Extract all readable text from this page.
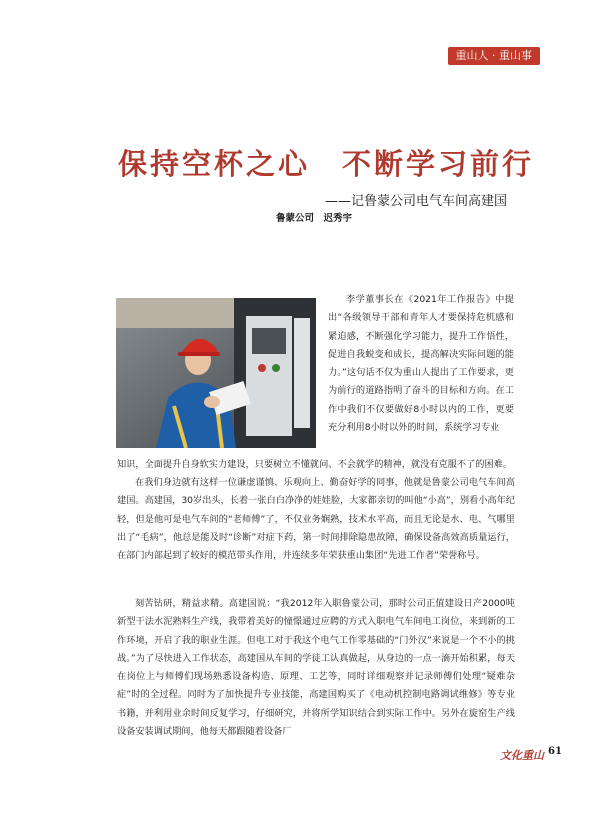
重山人 · 重山事
保持空杯之心　不断学习前行
——记鲁蒙公司电气车间高建国
鲁蒙公司　迟秀宇

李学董事长在《2021年工作报告》中提出“各级领导干部和青年人才要保持危机感和紧迫感，不断强化学习能力，提升工作悟性，促进自我蜕变和成长，提高解决实际问题的能力。”这句话不仅为重山人提出了工作要求，更为前行的道路指明了奋斗的目标和方向。在工作中我们不仅要做好8小时以内的工作，更要充分利用8小时以外的时间，系统学习专业

知识，全面提升自身软实力建设，只要树立不懂就问、不会就学的精神，就没有克服不了的困难。

在我们身边就有这样一位谦虚谨慎、乐观向上、勤奋好学的同事，他就是鲁蒙公司电气车间高建国。高建国，30岁出头，长着一张白白净净的娃娃脸，大家都亲切的叫他“小高”，别看小高年纪轻，但是他可是电气车间的“老师傅”了，不仅业务娴熟，技术水平高，而且无论是水、电、气哪里出了“毛病”，他总是能及时“诊断”对症下药，第一时间排除隐患故障，确保设备高效高质量运行，在部门内部起到了较好的模范带头作用，并连续多年荣获重山集团“先进工作者”荣誉称号。

刻苦钻研，精益求精。高建国说：“我2012年入职鲁蒙公司，那时公司正值建设日产2000吨新型干法水泥熟料生产线，我带着美好的憧憬通过应聘的方式入职电气车间电工岗位，来到新的工作环境，开启了我的职业生涯。但电工对于我这个电气工作零基础的“门外汉”来说是一个不小的挑战。”为了尽快进入工作状态，高建国从车间的学徒工认真做起，从身边的一点一滴开始积累，每天在岗位上与师傅们现场熟悉设备构造、原理、工艺等，同时详细观察并记录师傅们处理“疑难杂症”时的全过程。同时为了加快提升专业技能，高建国购买了《电动机控制电路调试维修》等专业书籍，并利用业余时间反复学习，仔细研究，并将所学知识结合到实际工作中。另外在旋窑生产线设备安装调试期间，他每天都跟随着设备厂

文化重山 61
